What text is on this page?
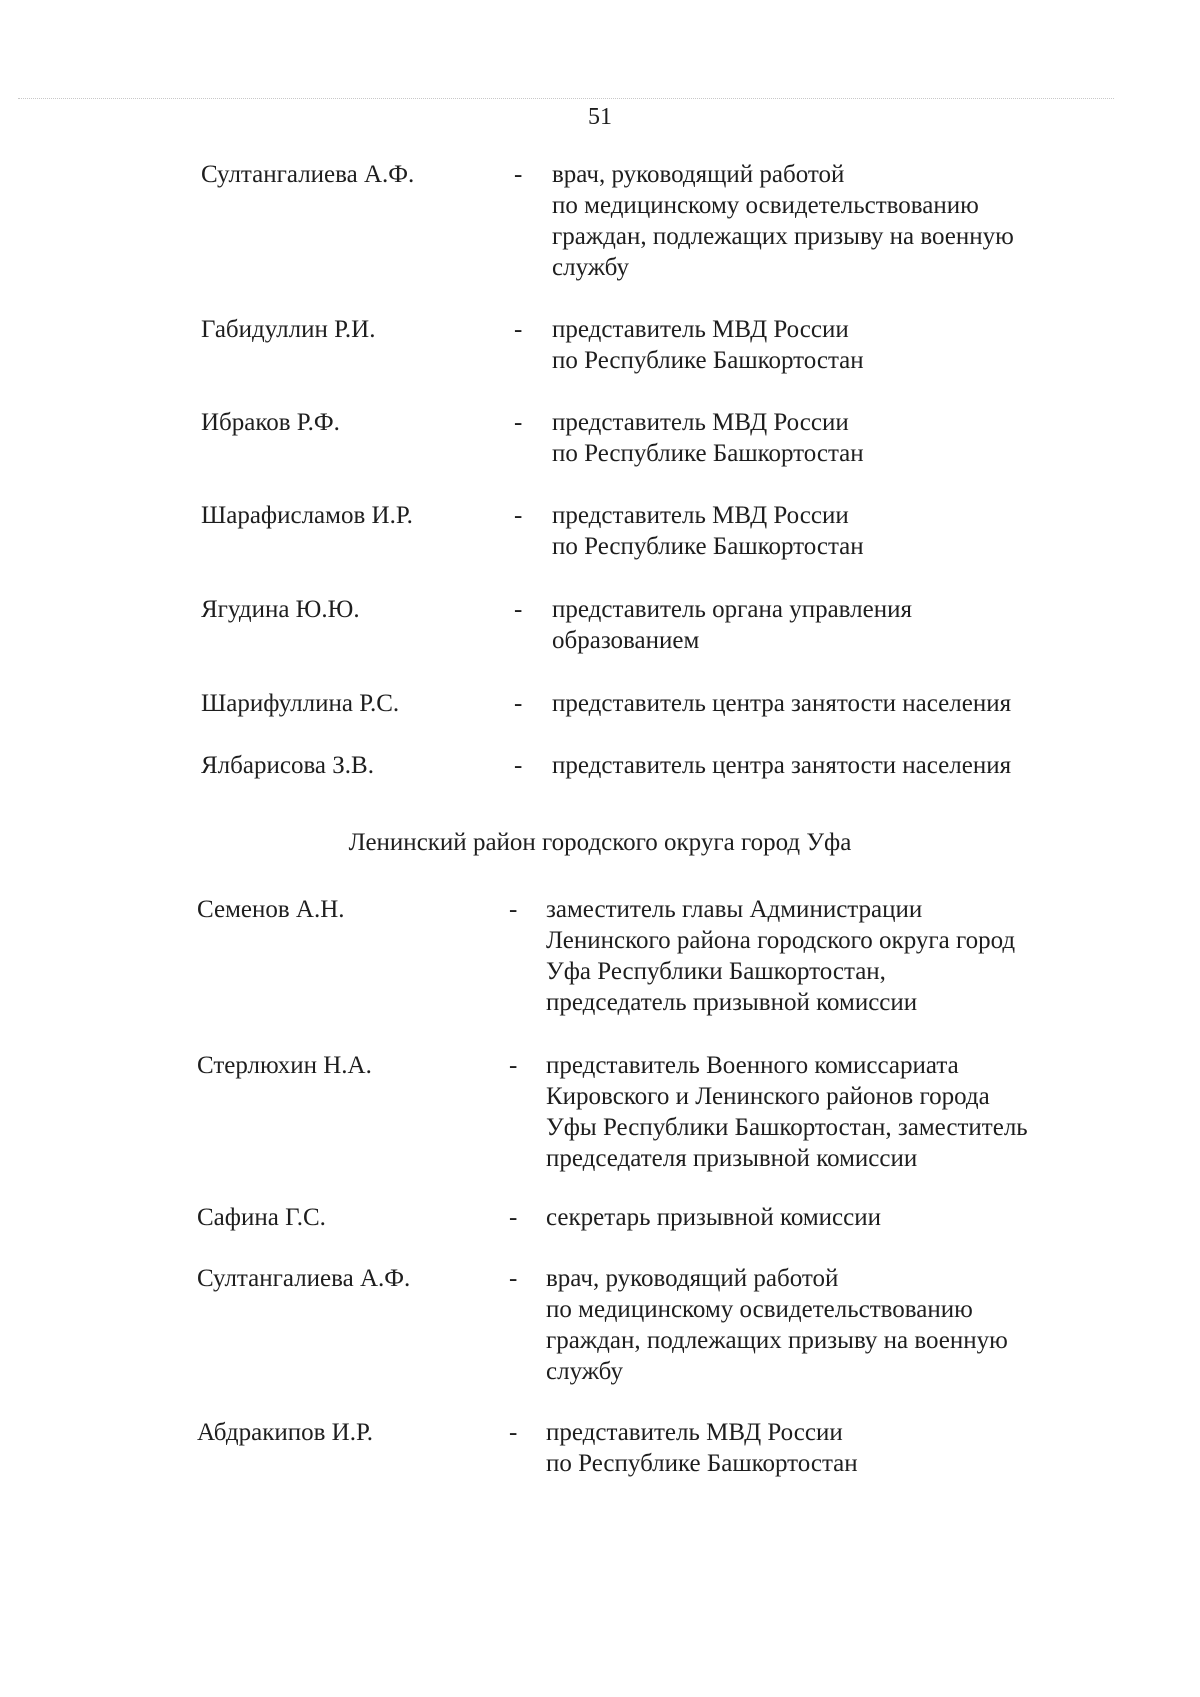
51
Султангалиева А.Ф.	- врач, руководящий работой
по медицинскому освидетельствованию
граждан, подлежащих призыву на военную
службу
Габидуллин Р.И.	- представитель МВД России
по Республике Башкортостан
Ибраков Р.Ф.	- представитель МВД России
по Республике Башкортостан
Шарафисламов И.Р.	- представитель МВД России
по Республике Башкортостан
Ягудина Ю.Ю.	- представитель органа управления
образованием
Шарифуллина Р.С.	- представитель центра занятости населения
Ялбарисова З.В.	- представитель центра занятости населения
Ленинский район городского округа город Уфа
Семенов А.Н.	- заместитель главы Администрации
Ленинского района городского округа город
Уфа Республики Башкортостан,
председатель призывной комиссии
Стерлюхин Н.А.	- представитель Военного комиссариата
Кировского и Ленинского районов города
Уфы Республики Башкортостан, заместитель
председателя призывной комиссии
Сафина Г.С.	- секретарь призывной комиссии
Султангалиева А.Ф.	- врач, руководящий работой
по медицинскому освидетельствованию
граждан, подлежащих призыву на военную
службу
Абдракипов И.Р.	- представитель МВД России
по Республике Башкортостан
